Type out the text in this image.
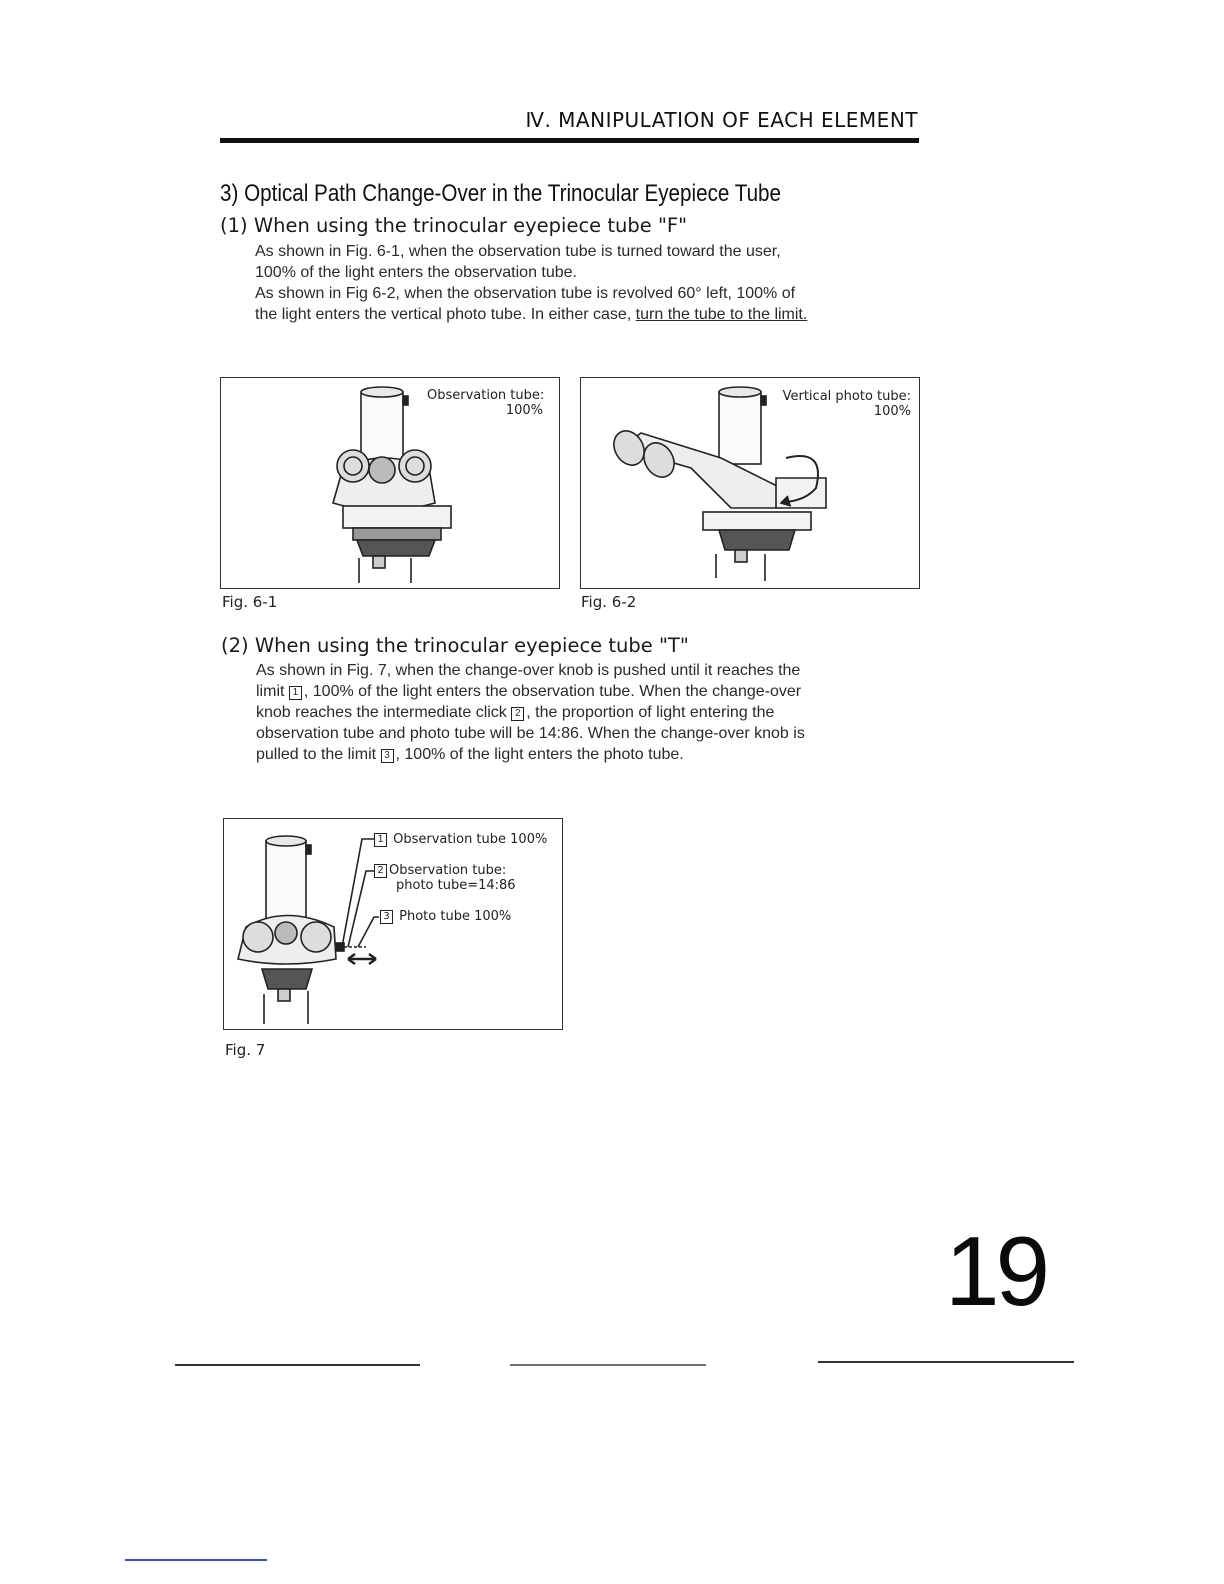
Ⅳ. MANIPULATION OF EACH ELEMENT
3) Optical Path Change-Over in the Trinocular Eyepiece Tube
(1) When using the trinocular eyepiece tube "F"
As shown in Fig. 6-1, when the observation tube is turned toward the user, 100% of the light enters the observation tube.
As shown in Fig 6-2, when the observation tube is revolved 60° left, 100% of the light enters the vertical photo tube. In either case, turn the tube to the limit.
Observation tube:
100%
Fig. 6-1
Vertical photo tube:
100%
Fig. 6-2
(2) When using the trinocular eyepiece tube "T"
As shown in Fig. 7, when the change-over knob is pushed until it reaches the limit 1 , 100% of the light enters the observation tube. When the change-over knob reaches the intermediate click 2 , the proportion of light entering the observation tube and photo tube will be 14:86. When the change-over knob is pulled to the limit 3 , 100% of the light enters the photo tube.
1 Observation tube 100%
2 Observation tube:
photo tube=14:86
3 Photo tube 100%
Fig. 7
19
